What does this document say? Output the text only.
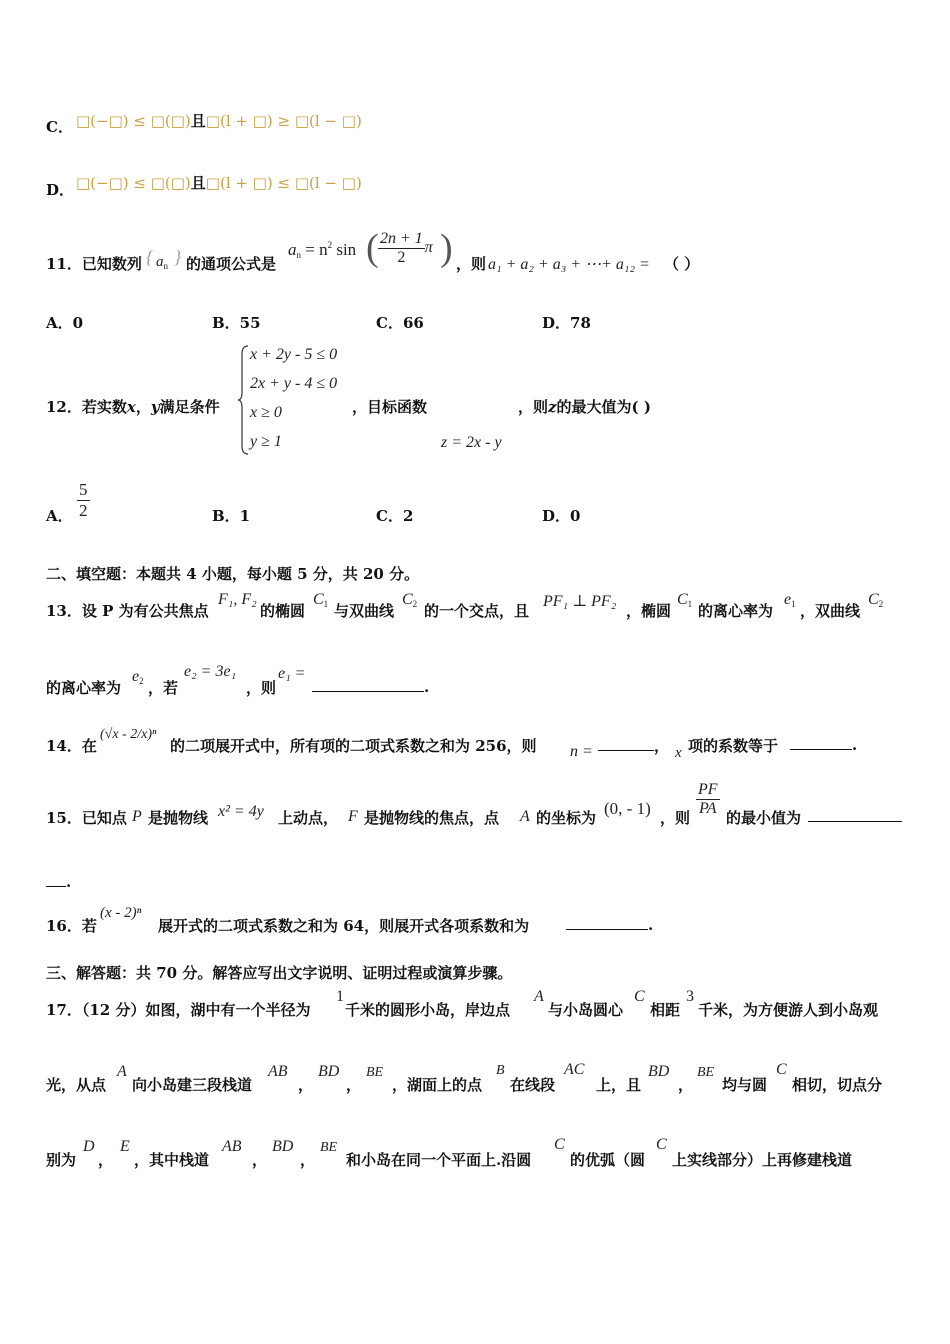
C． □(−□) ≤ □(□)且□(l + □) ≥ □(l − □)
D． □(−□) ≤ □(□)且□(l + □) ≤ □(l − □)
11．已知数列 { $a_n$ } 的通项公式是
$a_n = n^2$ sin ( $\frac{2n + 1}{2}$ π ) ，则 a₁ + a₂ + a₃ + ⋯+ a₁₂ = （ ）
A．0	B．55	C．66	D．78
12．若实数x，y满足条件
x + 2y - 5 ≤ 0
2x + y - 4 ≤ 0
x ≥ 0
y ≥ 1
，目标函数	，则z的最大值为( )
z = 2x - y
A． $\frac{5}{2}$	B．1	C．2	D．0
二、填空题：本题共 4 小题，每小题 5 分，共 20 分。
13．设 P 为有公共焦点
F₁, F₂
的椭圆
$C_1$ 与双曲线
$C_2$ 的一个交点，且
PF₁ ⊥ PF₂
，椭圆
$C_1$ 的离心率为
$e_1$ ，双曲线
$C_2$
的离心率为
$e_2$ ，若
e₂ = 3e₁
，则
e₁ =
.
14．在
(√x - 2/x)ⁿ
的二项展开式中，所有项的二项式系数之和为 256，则 n =	， x 项的系数等于	.
15．已知点 P 是抛物线 x² = 4y 上动点， F 是抛物线的焦点，点 A 的坐标为 (0, - 1) ，则 $\frac{PF}{PA}$ 的最小值为
.
16．若
(x - 2)ⁿ
展开式的二项式系数之和为 64，则展开式各项系数和为	.
三、解答题：共 70 分。解答应写出文字说明、证明过程或演算步骤。
17．（12 分）如图，湖中有一个半径为
1
千米的圆形小岛，岸边点
A
与小岛圆心
C
相距
3
千米，为方便游人到小岛观
光，从点
A
向小岛建三段栈道
AB
，
BD
，
BE
，湖面上的点
B
在线段
AC
上，且
BD
，
BE
均与圆
C
相切，切点分
别为
D
，
E
，其中栈道
AB
，
BD
，
BE
和小岛在同一个平面上.沿圆
C
的优弧（圆
C
上实线部分）上再修建栈道
